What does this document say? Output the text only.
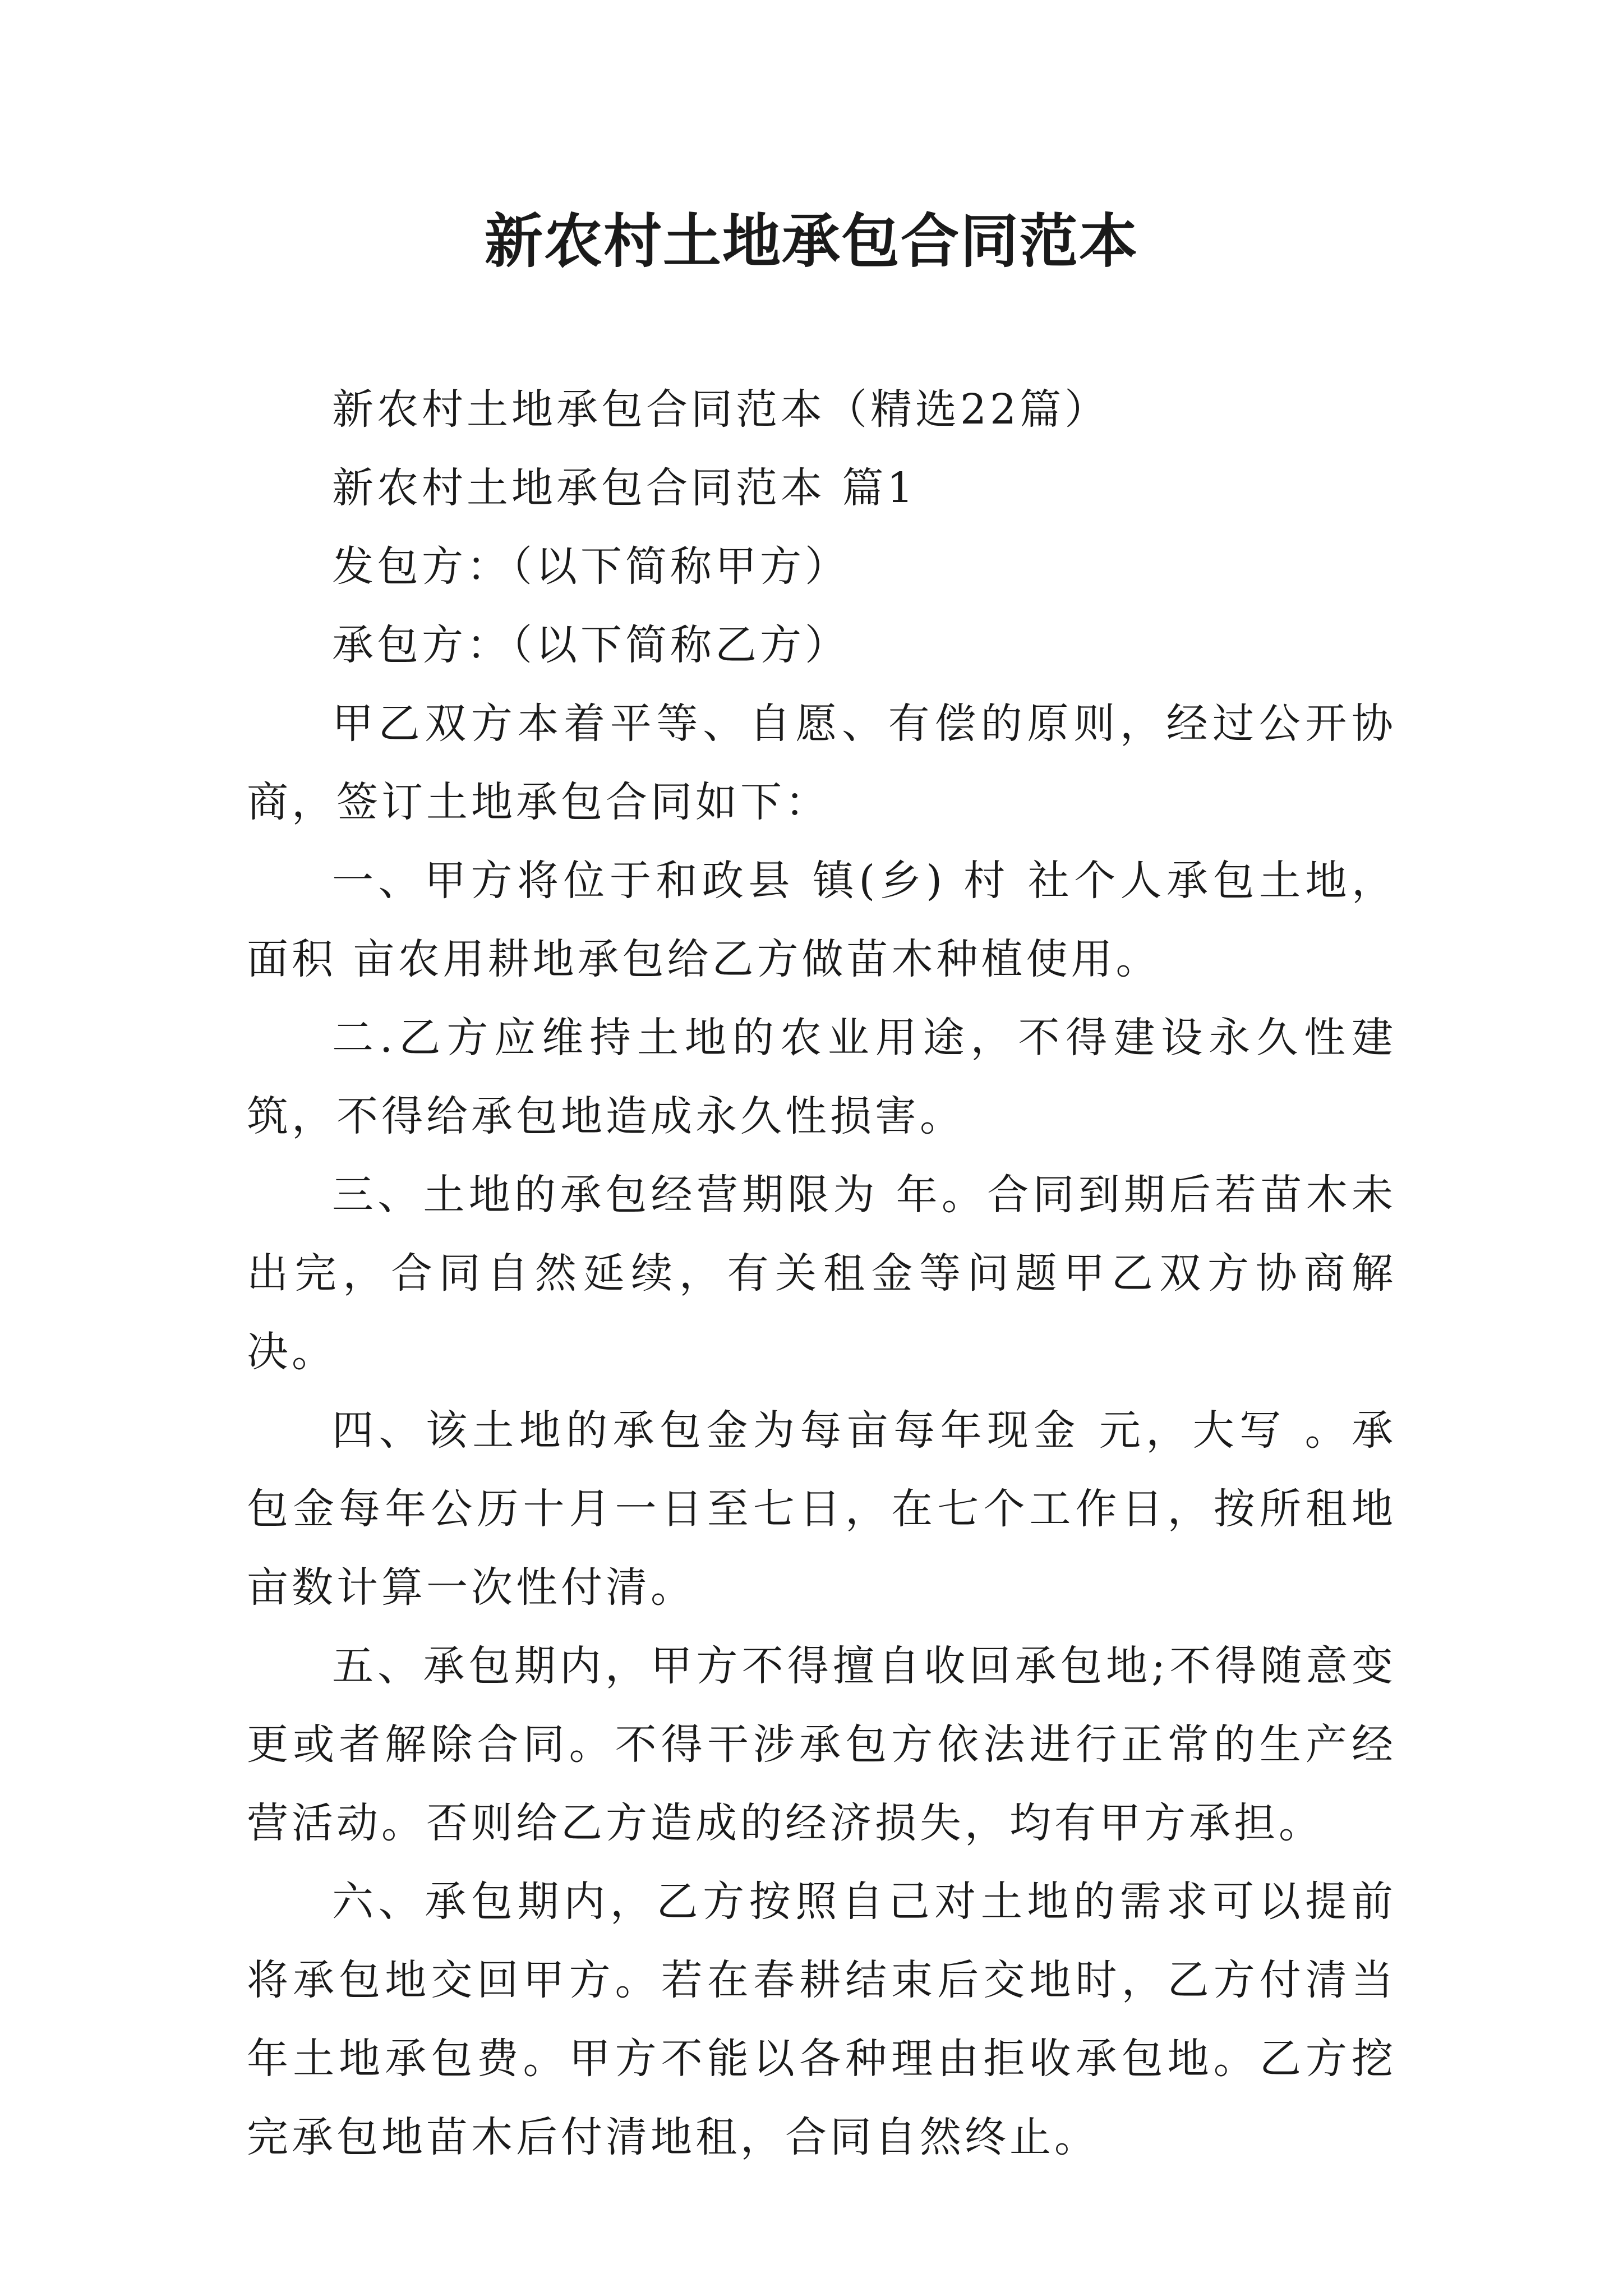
新农村土地承包合同范本

新农村土地承包合同范本（精选22篇）

新农村土地承包合同范本 篇1

发包方：（以下简称甲方）

承包方：（以下简称乙方）

甲乙双方本着平等、自愿、有偿的原则，经过公开协商，签订土地承包合同如下：

一、甲方将位于和政县 镇(乡) 村 社个人承包土地，面积 亩农用耕地承包给乙方做苗木种植使用。

二.乙方应维持土地的农业用途，不得建设永久性建筑，不得给承包地造成永久性损害。

三、土地的承包经营期限为 年。合同到期后若苗木未出完，合同自然延续，有关租金等问题甲乙双方协商解决。

四、该土地的承包金为每亩每年现金 元，大写 。承包金每年公历十月一日至七日，在七个工作日，按所租地亩数计算一次性付清。

五、承包期内，甲方不得擅自收回承包地;不得随意变更或者解除合同。不得干涉承包方依法进行正常的生产经营活动。否则给乙方造成的经济损失，均有甲方承担。

六、承包期内，乙方按照自己对土地的需求可以提前将承包地交回甲方。若在春耕结束后交地时，乙方付清当年土地承包费。甲方不能以各种理由拒收承包地。乙方挖完承包地苗木后付清地租，合同自然终止。
